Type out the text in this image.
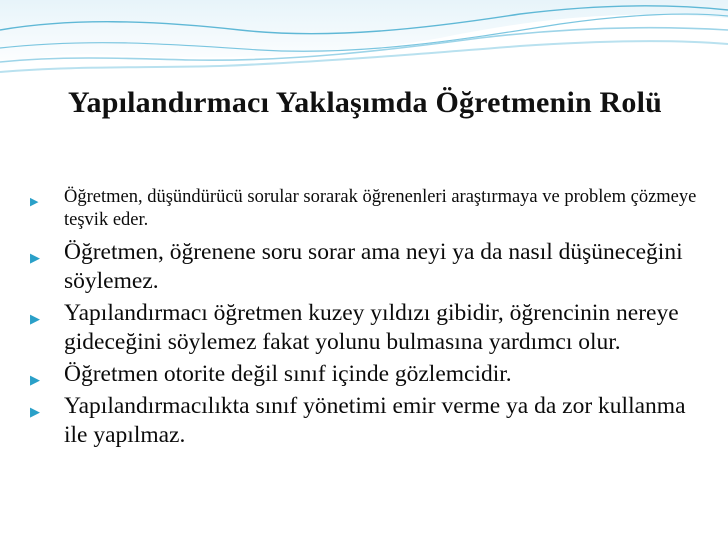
Yapılandırmacı Yaklaşımda Öğretmenin Rolü
▶ Öğretmen, düşündürücü sorular sorarak öğrenenleri araştırmaya ve problem çözmeye teşvik eder.
▶ Öğretmen, öğrenene soru sorar ama neyi ya da nasıl düşüneceğini söylemez.
▶ Yapılandırmacı öğretmen kuzey yıldızı gibidir, öğrencinin nereye gideceğini söylemez fakat yolunu bulmasına yardımcı olur.
▶ Öğretmen otorite değil sınıf içinde gözlemcidir.
▶ Yapılandırmacılıkta sınıf yönetimi emir verme ya da zor kullanma ile yapılmaz.
